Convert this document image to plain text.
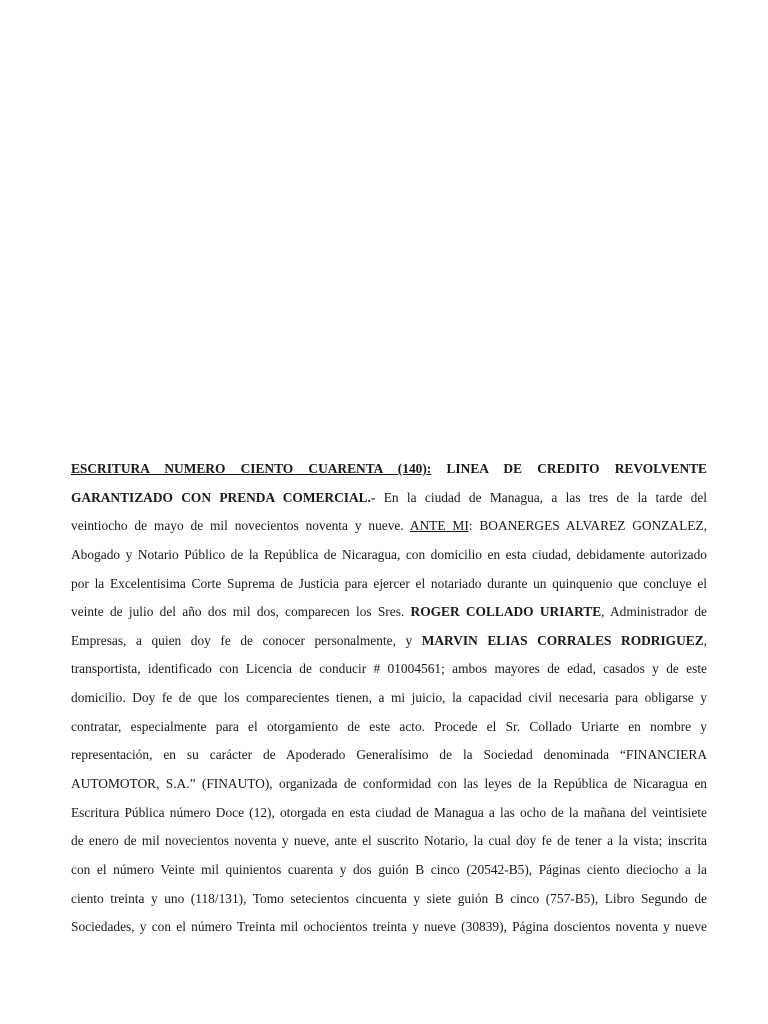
ESCRITURA NUMERO CIENTO CUARENTA (140): LINEA DE CREDITO REVOLVENTE
GARANTIZADO CON PRENDA COMERCIAL.- En la ciudad de Managua, a las tres de la tarde del
veintiocho de mayo de mil novecientos noventa y nueve. ANTE MI: BOANERGES ALVAREZ GONZALEZ,
Abogado y Notario Público de la República de Nicaragua, con domicilio en esta ciudad, debidamente autorizado
por la Excelentisima Corte Suprema de Justicia para ejercer el notariado durante un quinquenio que concluye el
veinte de julio del año dos mil dos, comparecen los Sres. ROGER COLLADO URIARTE, Administrador de
Empresas, a quien doy fe de conocer personalmente, y MARVIN ELIAS CORRALES RODRIGUEZ,
transportista, identificado con Licencia de conducir # 01004561; ambos mayores de edad, casados y de este
domicilio. Doy fe de que los comparecientes tienen, a mi juicio, la capacidad civil necesaria para obligarse y
contratar, especialmente para el otorgamiento de este acto. Procede el Sr. Collado Uriarte en nombre y
representación, en su carácter de Apoderado Generalísimo de la Sociedad denominada “FINANCIERA
AUTOMOTOR, S.A.” (FINAUTO), organizada de conformidad con las leyes de la República de Nicaragua en
Escritura Pública número Doce (12), otorgada en esta ciudad de Managua a las ocho de la mañana del veintisiete
de enero de mil novecientos noventa y nueve, ante el suscrito Notario, la cual doy fe de tener a la vista; inscrita
con el número Veinte mil quinientos cuarenta y dos guión B cinco (20542-B5), Páginas ciento dieciocho a la
ciento treinta y uno (118/131), Tomo setecientos cincuenta y siete guión B cinco (757-B5), Libro Segundo de
Sociedades, y con el número Treinta mil ochocientos treinta y nueve (30839), Página doscientos noventa y nueve
